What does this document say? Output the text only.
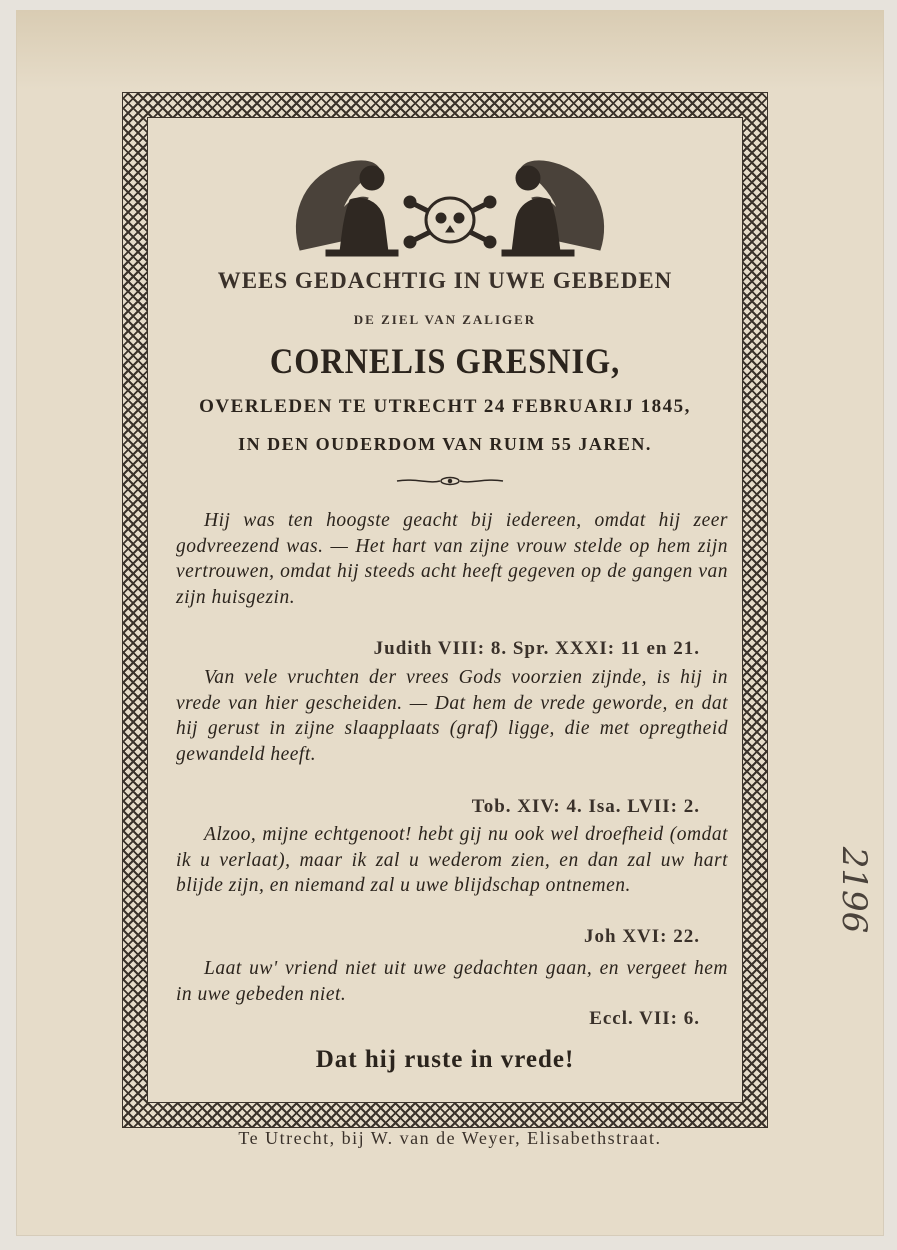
WEES GEDACHTIG IN UWE GEBEDEN
DE ZIEL VAN ZALIGER
CORNELIS GRESNIG,
OVERLEDEN TE UTRECHT 24 FEBRUARIJ 1845,
IN DEN OUDERDOM VAN RUIM 55 JAREN.
Hij was ten hoogste geacht bij iedereen, omdat hij zeer godvreezend was. — Het hart van zijne vrouw stelde op hem zijn vertrouwen, omdat hij steeds acht heeft gegeven op de gangen van zijn huisgezin.
Judith VIII: 8. Spr. XXXI: 11 en 21.
Van vele vruchten der vrees Gods voorzien zijnde, is hij in vrede van hier gescheiden. — Dat hem de vrede geworde, en dat hij gerust in zijne slaapplaats (graf) ligge, die met opregtheid gewandeld heeft.
Tob. XIV: 4. Isa. LVII: 2.
Alzoo, mijne echtgenoot! hebt gij nu ook wel droefheid (omdat ik u verlaat), maar ik zal u wederom zien, en dan zal uw hart blijde zijn, en niemand zal u uwe blijdschap ontnemen.
Joh XVI: 22.
Laat uw' vriend niet uit uwe gedachten gaan, en vergeet hem in uwe gebeden niet.
Eccl. VII: 6.
Dat hij ruste in vrede!
Te Utrecht, bij W. van de Weyer, Elisabethstraat.
2196
